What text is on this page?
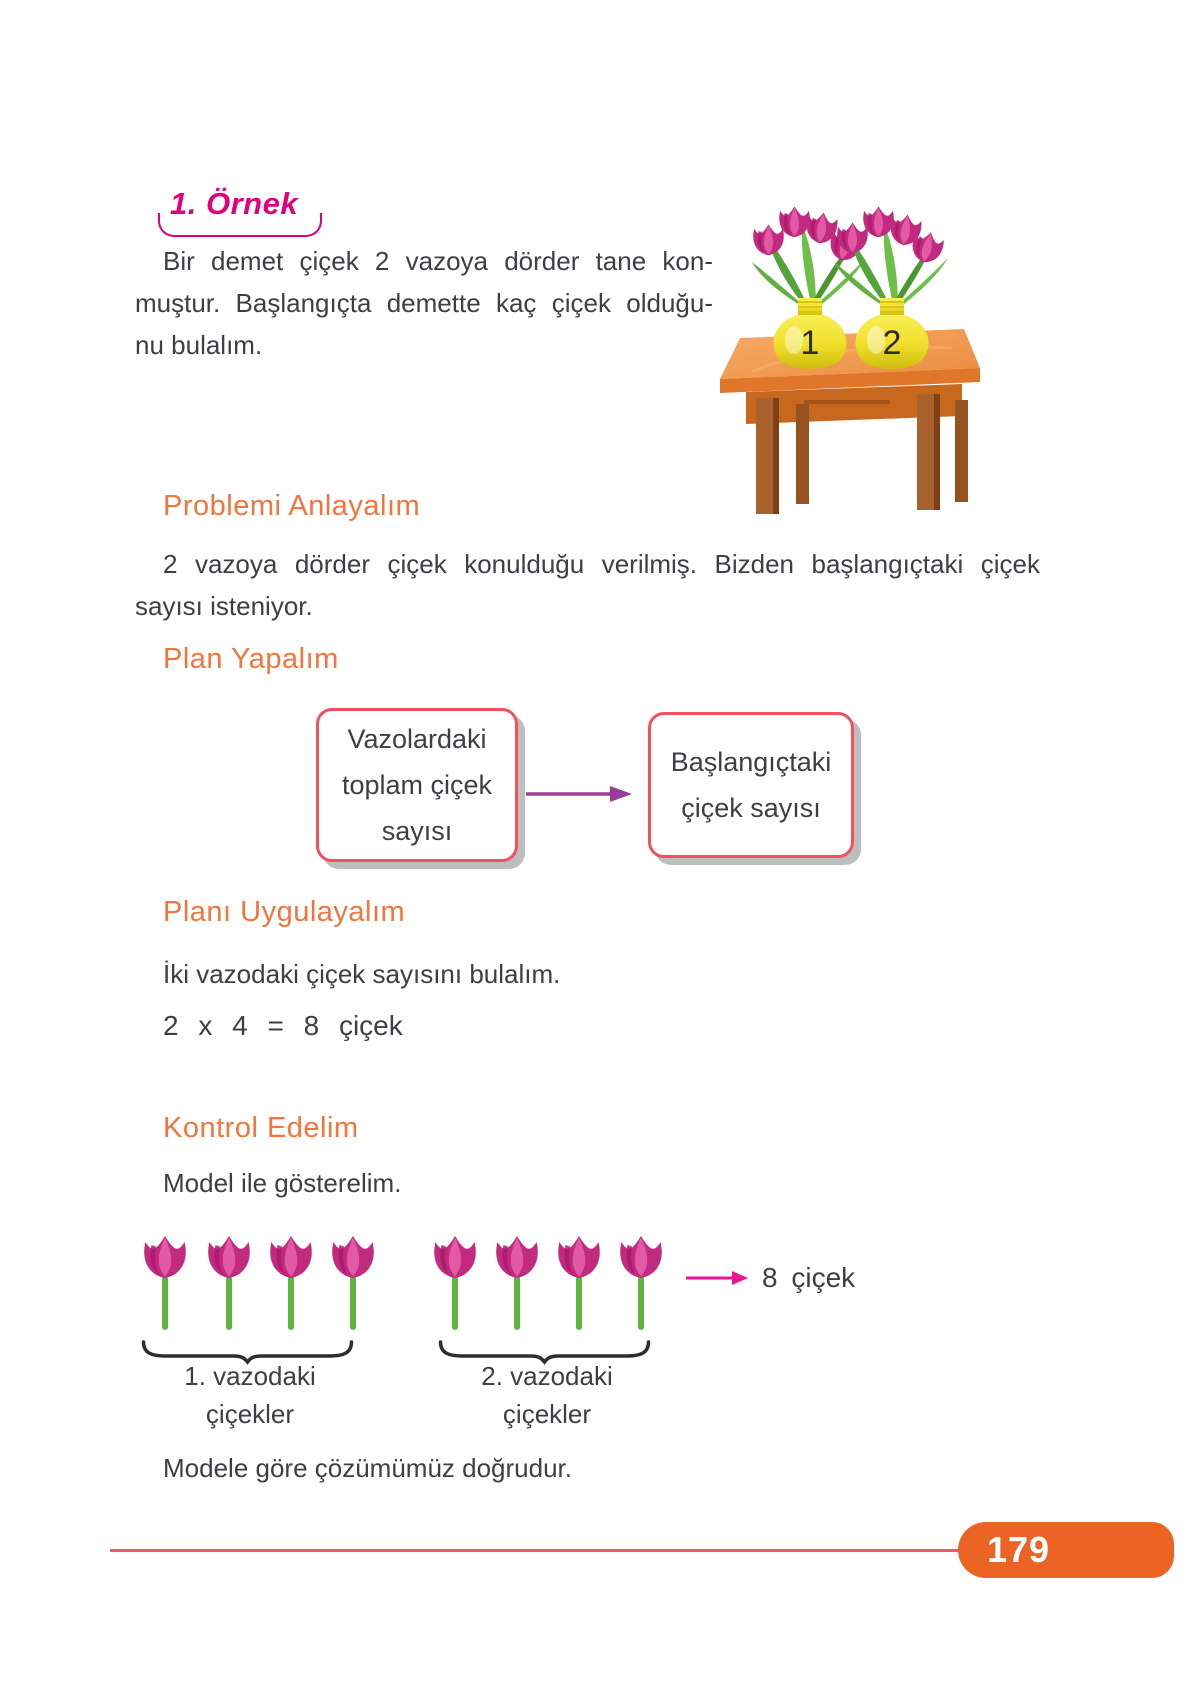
1. Örnek
Bir demet çiçek 2 vazoya dörder tane kon-
muştur. Başlangıçta demette kaç çiçek olduğu-
nu bulalım.	1 2
Problemi Anlayalım
2 vazoya dörder çiçek konulduğu verilmiş. Bizden başlangıçtaki çiçek
sayısı isteniyor.
Plan Yapalım
Vazolardaki
toplam çiçek
sayısı
Başlangıçtaki
çiçek sayısı
Planı Uygulayalım
İki vazodaki çiçek sayısını bulalım.
2 x 4 = 8 çiçek
Kontrol Edelim
Model ile gösterelim.
8 çiçek
1. vazodaki
çiçekler
2. vazodaki
çiçekler
Modele göre çözümümüz doğrudur.
179
